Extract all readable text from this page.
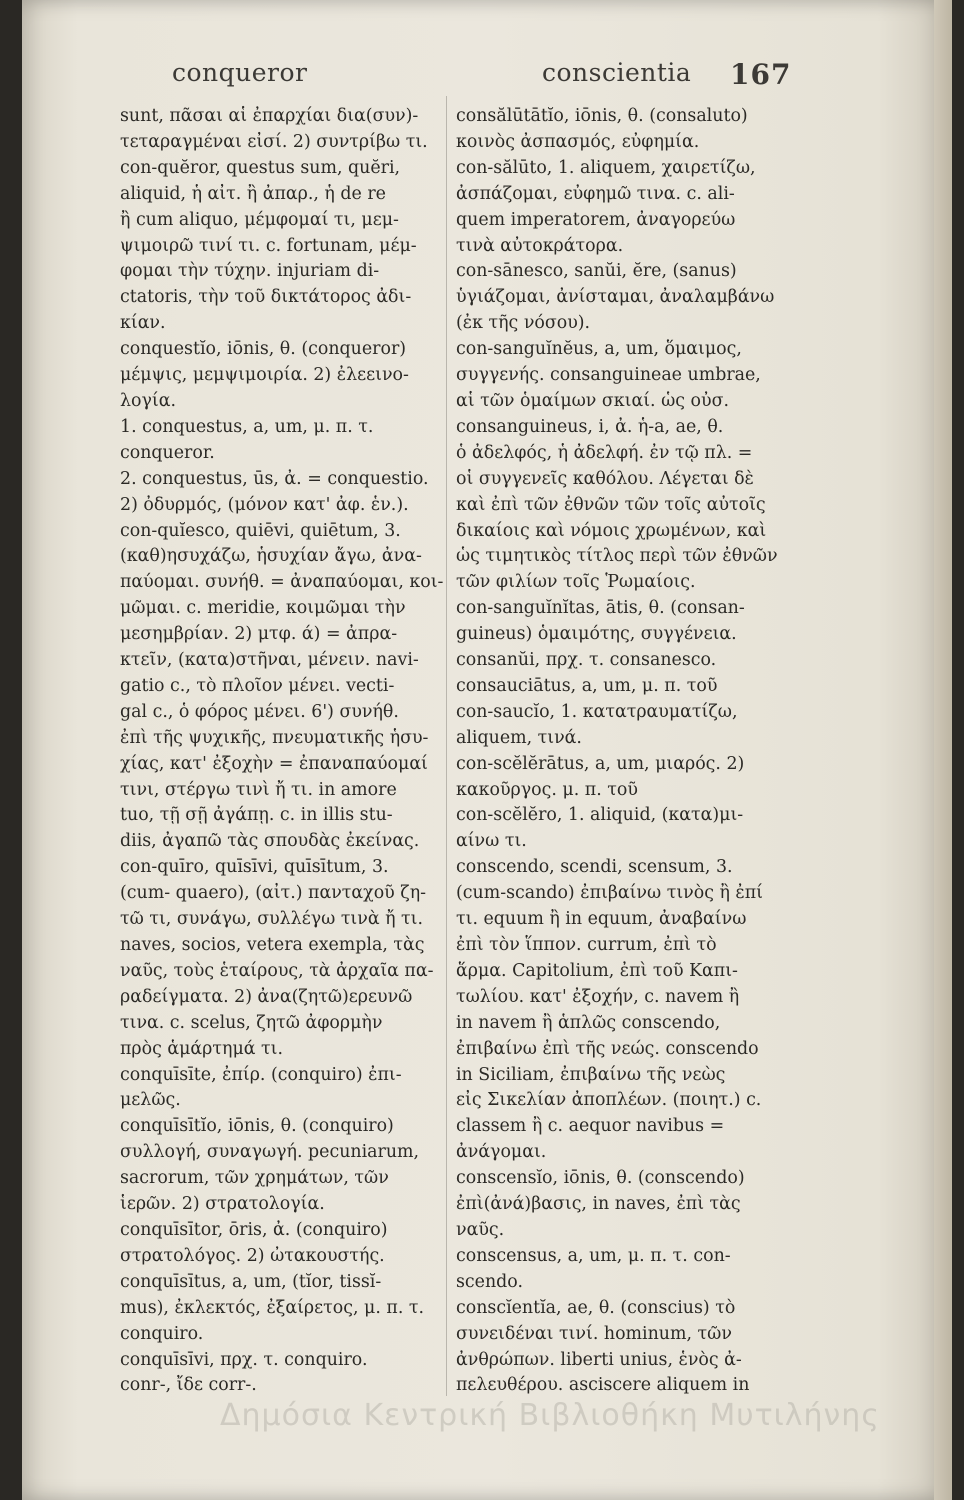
conqueror	conscientia 167
sunt, πᾶσαι αἱ ἐπαρχίαι δια(συν)-
τεταραγμέναι εἰσί. 2) συντρίβω τι.
con-quĕror, questus sum, quĕri,
aliquid, ἡ αἰτ. ἢ ἀπαρ., ἡ de re
ἢ cum aliquo, μέμφομαί τι, μεμ-
ψιμοιρῶ τινί τι. c. fortunam, μέμ-
φομαι τὴν τύχην. injuriam di-
ctatoris, τὴν τοῦ δικτάτορος ἀδι-
κίαν.
conquestĭo, iōnis, θ. (conqueror)
μέμψις, μεμψιμοιρία. 2) ἐλεεινο-
λογία.
1. conquestus, a, um, μ. π. τ.
conqueror.
2. conquestus, ūs, ἀ. = conquestio.
2) ὀδυρμός, (μόνον κατ' ἀφ. ἑν.).
con-quĭesco, quiēvi, quiētum, 3.
(καθ)ησυχάζω, ἡσυχίαν ἄγω, ἀνα-
παύομαι. συνήθ. = ἀναπαύομαι, κοι-
μῶμαι. c. meridie, κοιμῶμαι τὴν
μεσημβρίαν. 2) μτφ. ά) = ἀπρα-
κτεῖν, (κατα)στῆναι, μένειν. navi-
gatio c., τὸ πλοῖον μένει. vecti-
gal c., ὁ φόρος μένει. 6') συνήθ.
ἐπὶ τῆς ψυχικῆς, πνευματικῆς ἡσυ-
χίας, κατ' ἐξοχὴν = ἐπαναπαύομαί
τινι, στέργω τινὶ ἤ τι. in amore
tuo, τῇ σῇ ἀγάπῃ. c. in illis stu-
diis, ἀγαπῶ τὰς σπουδὰς ἐκείνας.
con-quīro, quīsīvi, quīsītum, 3.
(cum- quaero), (αἰτ.) πανταχοῦ ζη-
τῶ τι, συνάγω, συλλέγω τινὰ ἤ τι.
naves, socios, vetera exempla, τὰς
ναῦς, τοὺς ἑταίρους, τὰ ἀρχαῖα πα-
ραδείγματα. 2) ἀνα(ζητῶ)ερευνῶ
τινα. c. scelus, ζητῶ ἀφορμὴν
πρὸς ἁμάρτημά τι.
conquīsīte, ἐπίρ. (conquiro) ἐπι-
μελῶς.
conquīsītĭo, iōnis, θ. (conquiro)
συλλογή, συναγωγή. pecuniarum,
sacrorum, τῶν χρημάτων, τῶν
ἱερῶν. 2) στρατολογία.
conquīsītor, ōris, ἀ. (conquiro)
στρατολόγος. 2) ὠτακουστής.
conquīsītus, a, um, (tĭor, tissĭ-
mus), ἐκλεκτός, ἐξαίρετος, μ. π. τ.
conquiro.
conquīsīvi, πρχ. τ. conquiro.
conr-, ἴδε corr-.
consălūtātĭo, iōnis, θ. (consaluto)
κοινὸς ἀσπασμός, εὐφημία.
con-sălūto, 1. aliquem, χαιρετίζω,
ἀσπάζομαι, εὐφημῶ τινα. c. ali-
quem imperatorem, ἀναγορεύω
τινὰ αὐτοκράτορα.
con-sānesco, sanŭi, ĕre, (sanus)
ὑγιάζομαι, ἀνίσταμαι, ἀναλαμβάνω
(ἐκ τῆς νόσου).
con-sanguĭnĕus, a, um, ὅμαιμος,
συγγενής. consanguineae umbrae,
αἱ τῶν ὁμαίμων σκιαί. ὡς οὐσ.
consanguineus, i, ἀ. ἡ-a, ae, θ.
ὁ ἀδελφός, ἡ ἀδελφή. ἐν τῷ πλ. =
οἱ συγγενεῖς καθόλου. Λέγεται δὲ
καὶ ἐπὶ τῶν ἐθνῶν τῶν τοῖς αὐτοῖς
δικαίοις καὶ νόμοις χρωμένων, καὶ
ὡς τιμητικὸς τίτλος περὶ τῶν ἐθνῶν
τῶν φιλίων τοῖς Ῥωμαίοις.
con-sanguĭnĭtas, ātis, θ. (consan-
guineus) ὁμαιμότης, συγγένεια.
consanŭi, πρχ. τ. consanesco.
consauciātus, a, um, μ. π. τοῦ
con-saucĭo, 1. κατατραυματίζω,
aliquem, τινά.
con-scĕlĕrātus, a, um, μιαρός. 2)
κακοῦργος. μ. π. τοῦ
con-scĕlĕro, 1. aliquid, (κατα)μι-
αίνω τι.
conscendo, scendi, scensum, 3.
(cum-scando) ἐπιβαίνω τινὸς ἢ ἐπί
τι. equum ἢ in equum, ἀναβαίνω
ἐπὶ τὸν ἵππον. currum, ἐπὶ τὸ
ἅρμα. Capitolium, ἐπὶ τοῦ Καπι-
τωλίου. κατ' ἐξοχήν, c. navem ἢ
in navem ἢ ἁπλῶς conscendo,
ἐπιβαίνω ἐπὶ τῆς νεώς. conscendo
in Siciliam, ἐπιβαίνω τῆς νεὼς
εἰς Σικελίαν ἀποπλέων. (ποιητ.) c.
classem ἢ c. aequor navibus =
ἀνάγομαι.
conscensĭo, iōnis, θ. (conscendo)
ἐπὶ(ἀνά)βασις, in naves, ἐπὶ τὰς
ναῦς.
conscensus, a, um, μ. π. τ. con-
scendo.
conscĭentĭa, ae, θ. (conscius) τὸ
συνειδέναι τινί. hominum, τῶν
ἀνθρώπων. liberti unius, ἑνὸς ἀ-
πελευθέρου. asciscere aliquem in
Δημόσια Κεντρική Βιβλιοθήκη Μυτιλήνης
